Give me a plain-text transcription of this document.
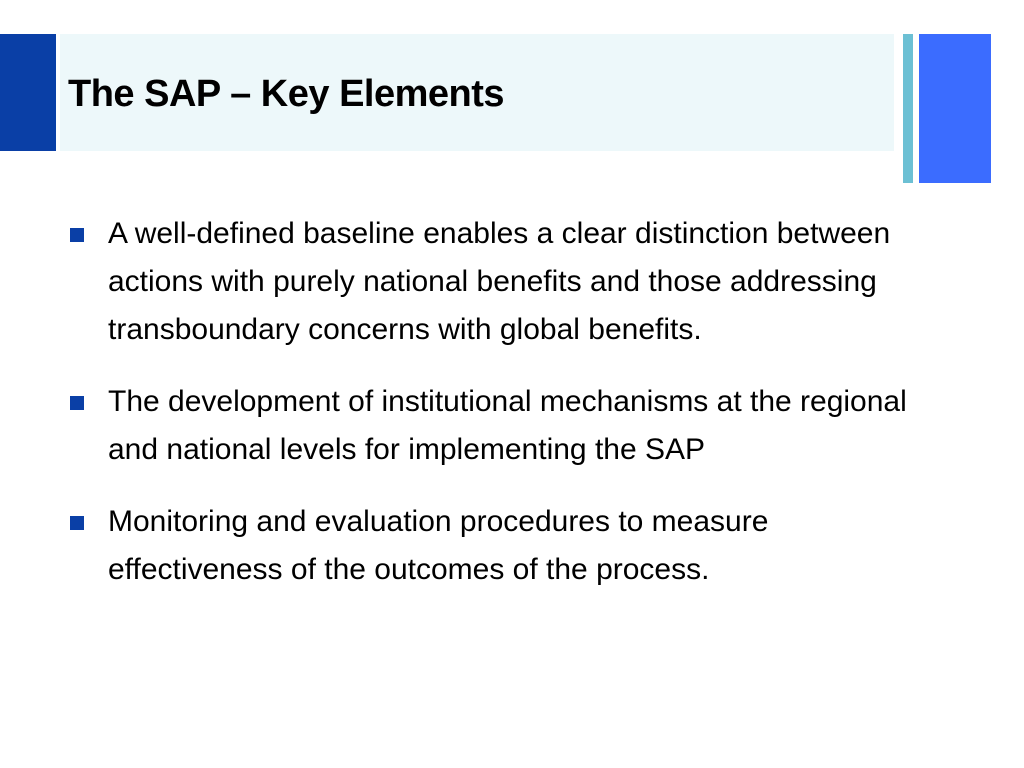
The SAP – Key Elements
A well-defined baseline enables a clear distinction between actions with purely national benefits and those addressing transboundary concerns with global benefits.
The development of institutional mechanisms at the regional and national levels for implementing the SAP
Monitoring and evaluation procedures to measure effectiveness of the outcomes of the process.
